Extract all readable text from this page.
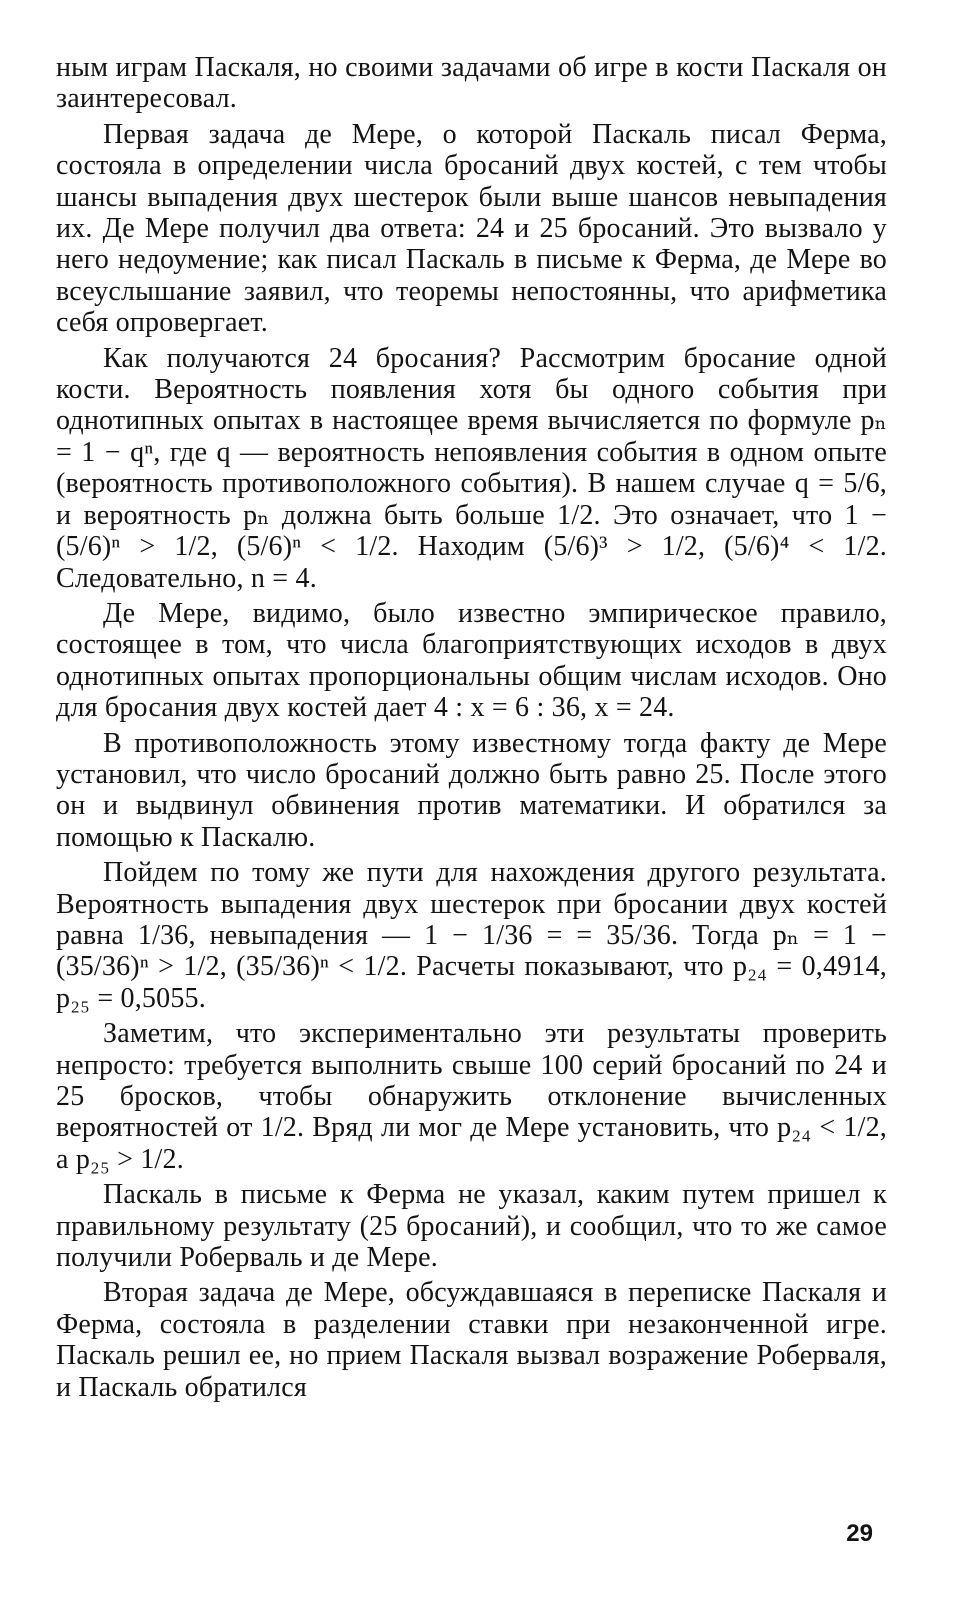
ным играм Паскаля, но своими задачами об игре в кости Паскаля он заинтересовал.

Первая задача де Мере, о которой Паскаль писал Ферма, состояла в определении числа бросаний двух костей, с тем чтобы шансы выпадения двух шестерок были выше шансов невыпадения их. Де Мере получил два ответа: 24 и 25 бросаний. Это вызвало у него недоумение; как писал Паскаль в письме к Ферма, де Мере во всеуслышание заявил, что теоремы непостоянны, что арифметика себя опровергает.

Как получаются 24 бросания? Рассмотрим бросание одной кости. Вероятность появления хотя бы одного события при однотипных опытах в настоящее время вычисляется по формуле pₙ = 1 − qⁿ, где q — вероятность непоявления события в одном опыте (вероятность противоположного события). В нашем случае q = 5/6, и вероятность pₙ должна быть больше 1/2. Это означает, что 1 − (5/6)ⁿ > 1/2, (5/6)ⁿ < 1/2. Находим (5/6)³ > 1/2, (5/6)⁴ < 1/2. Следовательно, n = 4.

Де Мере, видимо, было известно эмпирическое правило, состоящее в том, что числа благоприятствующих исходов в двух однотипных опытах пропорциональны общим числам исходов. Оно для бросания двух костей дает 4 : x = 6 : 36, x = 24.

В противоположность этому известному тогда факту де Мере установил, что число бросаний должно быть равно 25. После этого он и выдвинул обвинения против математики. И обратился за помощью к Паскалю.

Пойдем по тому же пути для нахождения другого результата. Вероятность выпадения двух шестерок при бросании двух костей равна 1/36, невыпадения — 1 − 1/36 = = 35/36. Тогда pₙ = 1 − (35/36)ⁿ > 1/2, (35/36)ⁿ < 1/2. Расчеты показывают, что p₂₄ = 0,4914, p₂₅ = 0,5055.

Заметим, что экспериментально эти результаты проверить непросто: требуется выполнить свыше 100 серий бросаний по 24 и 25 бросков, чтобы обнаружить отклонение вычисленных вероятностей от 1/2. Вряд ли мог де Мере установить, что p₂₄ < 1/2, а p₂₅ > 1/2.

Паскаль в письме к Ферма не указал, каким путем пришел к правильному результату (25 бросаний), и сообщил, что то же самое получили Роберваль и де Мере.

Вторая задача де Мере, обсуждавшаяся в переписке Паскаля и Ферма, состояла в разделении ставки при незаконченной игре. Паскаль решил ее, но прием Паскаля вызвал возражение Роберваля, и Паскаль обратился

29
